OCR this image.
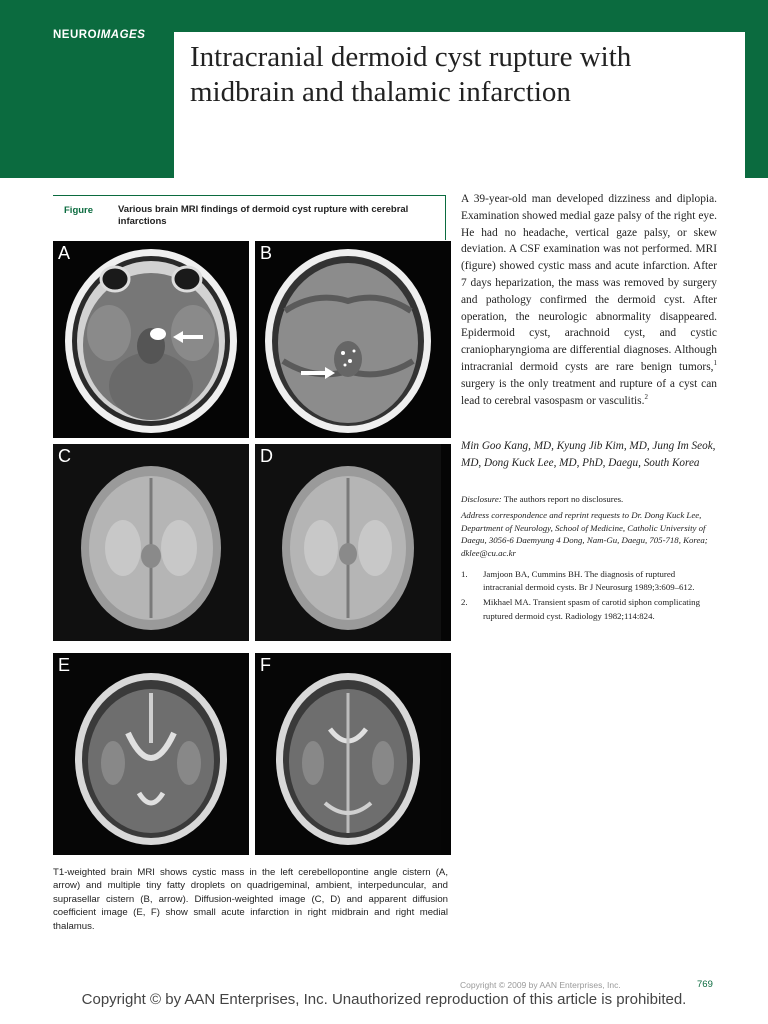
NEUROIMAGES
Intracranial dermoid cyst rupture with midbrain and thalamic infarction
Figure	Various brain MRI findings of dermoid cyst rupture with cerebral infarctions
A	B
C	D
E	F
T1-weighted brain MRI shows cystic mass in the left cerebellopontine angle cistern (A, arrow) and multiple tiny fatty droplets on quadrigeminal, ambient, interpeduncular, and suprasellar cistern (B, arrow). Diffusion-weighted image (C, D) and apparent diffusion coefficient image (E, F) show small acute infarction in right midbrain and right medial thalamus.
A 39-year-old man developed dizziness and diplopia. Examination showed medial gaze palsy of the right eye. He had no headache, vertical gaze palsy, or skew deviation. A CSF examination was not performed. MRI (figure) showed cystic mass and acute infarction. After 7 days heparization, the mass was removed by surgery and pathology confirmed the dermoid cyst. After operation, the neurologic abnormality disappeared. Epidermoid cyst, arachnoid cyst, and cystic craniopharyngioma are differential diagnoses. Although intracranial dermoid cysts are rare benign tumors,$^1$ surgery is the only treatment and rupture of a cyst can lead to cerebral vasospasm or vasculitis.$^2$
Min Goo Kang, MD, Kyung Jib Kim, MD, Jung Im Seok, MD, Dong Kuck Lee, MD, PhD, Daegu, South Korea
Disclosure: The authors report no disclosures.
Address correspondence and reprint requests to Dr. Dong Kuck Lee, Department of Neurology, School of Medicine, Catholic University of Daegu, 3056-6 Daemyung 4 Dong, Nam-Gu, Daegu, 705-718, Korea; dklee@cu.ac.kr
1. Jamjoon BA, Cummins BH. The diagnosis of ruptured intracranial dermoid cysts. Br J Neurosurg 1989;3:609–612.
2. Mikhael MA. Transient spasm of carotid siphon complicating ruptured dermoid cyst. Radiology 1982;114:824.
Copyright © 2009 by AAN Enterprises, Inc.	769
Copyright © by AAN Enterprises, Inc. Unauthorized reproduction of this article is prohibited.
